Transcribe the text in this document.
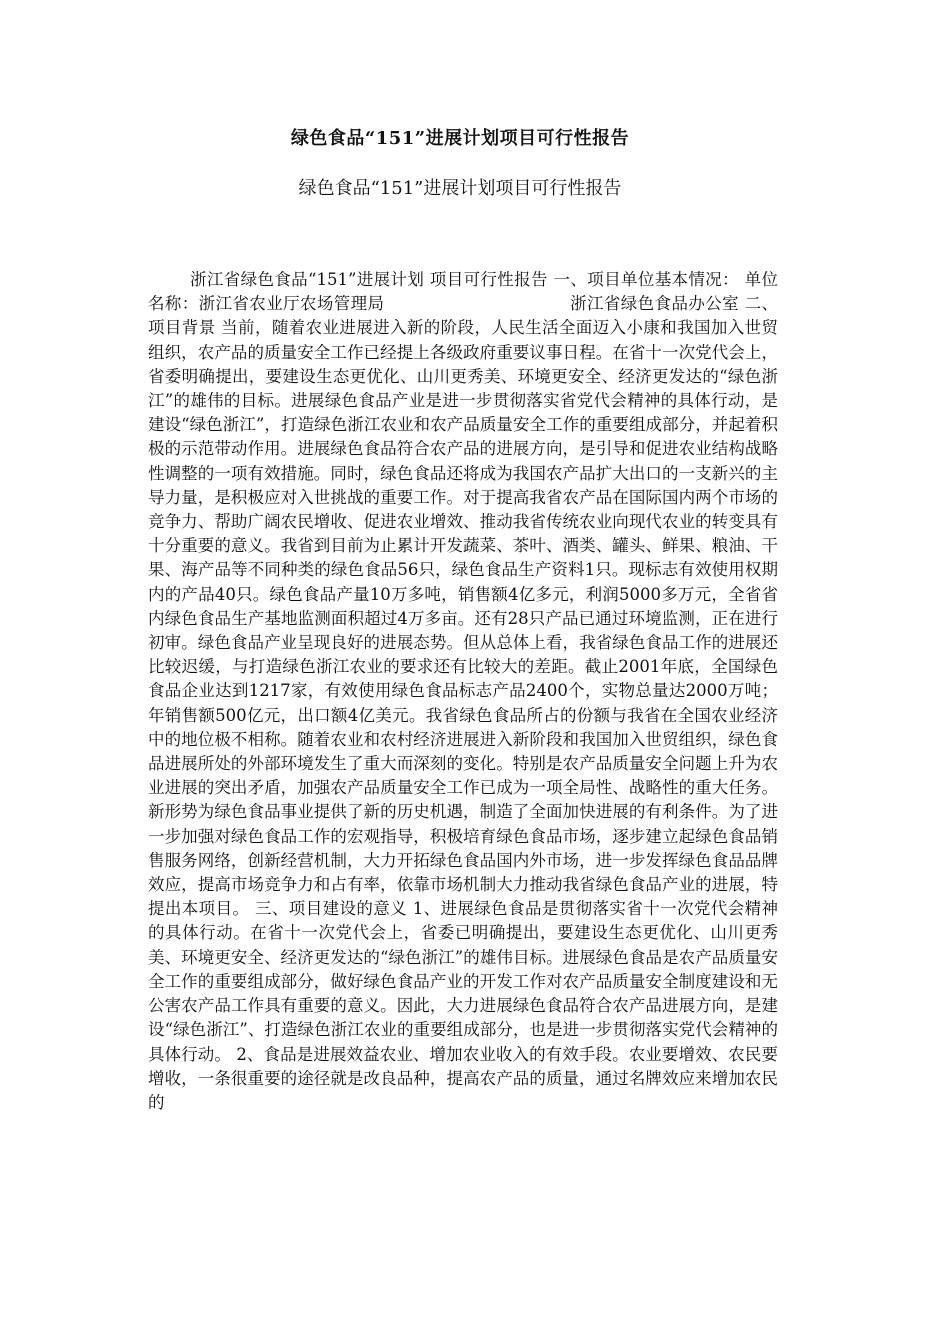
绿色食品“151”进展计划项目可行性报告
绿色食品“151”进展计划项目可行性报告

浙江省绿色食品“151”进展计划 项目可行性报告 一、项目单位基本情况： 单位名称：浙江省农业厅农场管理局　　　　　　　　　　　浙江省绿色食品办公室 二、项目背景 当前，随着农业进展进入新的阶段，人民生活全面迈入小康和我国加入世贸组织，农产品的质量安全工作已经提上各级政府重要议事日程。在省十一次党代会上，省委明确提出，要建设生态更优化、山川更秀美、环境更安全、经济更发达的“绿色浙江”的雄伟的目标。进展绿色食品产业是进一步贯彻落实省党代会精神的具体行动，是建设“绿色浙江”，打造绿色浙江农业和农产品质量安全工作的重要组成部分，并起着积极的示范带动作用。进展绿色食品符合农产品的进展方向，是引导和促进农业结构战略性调整的一项有效措施。同时，绿色食品还将成为我国农产品扩大出口的一支新兴的主导力量，是积极应对入世挑战的重要工作。对于提高我省农产品在国际国内两个市场的竞争力、帮助广阔农民增收、促进农业增效、推动我省传统农业向现代农业的转变具有十分重要的意义。我省到目前为止累计开发蔬菜、茶叶、酒类、罐头、鲜果、粮油、干果、海产品等不同种类的绿色食品56只，绿色食品生产资料1只。现标志有效使用权期内的产品40只。绿色食品产量10万多吨，销售额4亿多元，利润5000多万元，全省省内绿色食品生产基地监测面积超过4万多亩。还有28只产品已通过环境监测，正在进行初审。绿色食品产业呈现良好的进展态势。但从总体上看，我省绿色食品工作的进展还比较迟缓，与打造绿色浙江农业的要求还有比较大的差距。截止2001年底，全国绿色食品企业达到1217家，有效使用绿色食品标志产品2400个，实物总量达2000万吨；年销售额500亿元，出口额4亿美元。我省绿色食品所占的份额与我省在全国农业经济中的地位极不相称。随着农业和农村经济进展进入新阶段和我国加入世贸组织，绿色食品进展所处的外部环境发生了重大而深刻的变化。特别是农产品质量安全问题上升为农业进展的突出矛盾，加强农产品质量安全工作已成为一项全局性、战略性的重大任务。新形势为绿色食品事业提供了新的历史机遇，制造了全面加快进展的有利条件。为了进一步加强对绿色食品工作的宏观指导，积极培育绿色食品市场，逐步建立起绿色食品销售服务网络，创新经营机制，大力开拓绿色食品国内外市场，进一步发挥绿色食品品牌效应，提高市场竞争力和占有率，依靠市场机制大力推动我省绿色食品产业的进展，特提出本项目。 三、项目建设的意义 1、进展绿色食品是贯彻落实省十一次党代会精神的具体行动。在省十一次党代会上，省委已明确提出，要建设生态更优化、山川更秀美、环境更安全、经济更发达的“绿色浙江”的雄伟目标。进展绿色食品是农产品质量安全工作的重要组成部分，做好绿色食品产业的开发工作对农产品质量安全制度建设和无公害农产品工作具有重要的意义。因此，大力进展绿色食品符合农产品进展方向，是建设“绿色浙江”、打造绿色浙江农业的重要组成部分，也是进一步贯彻落实党代会精神的具体行动。 2、食品是进展效益农业、增加农业收入的有效手段。农业要增效、农民要增收，一条很重要的途径就是改良品种，提高农产品的质量，通过名牌效应来增加农民的
